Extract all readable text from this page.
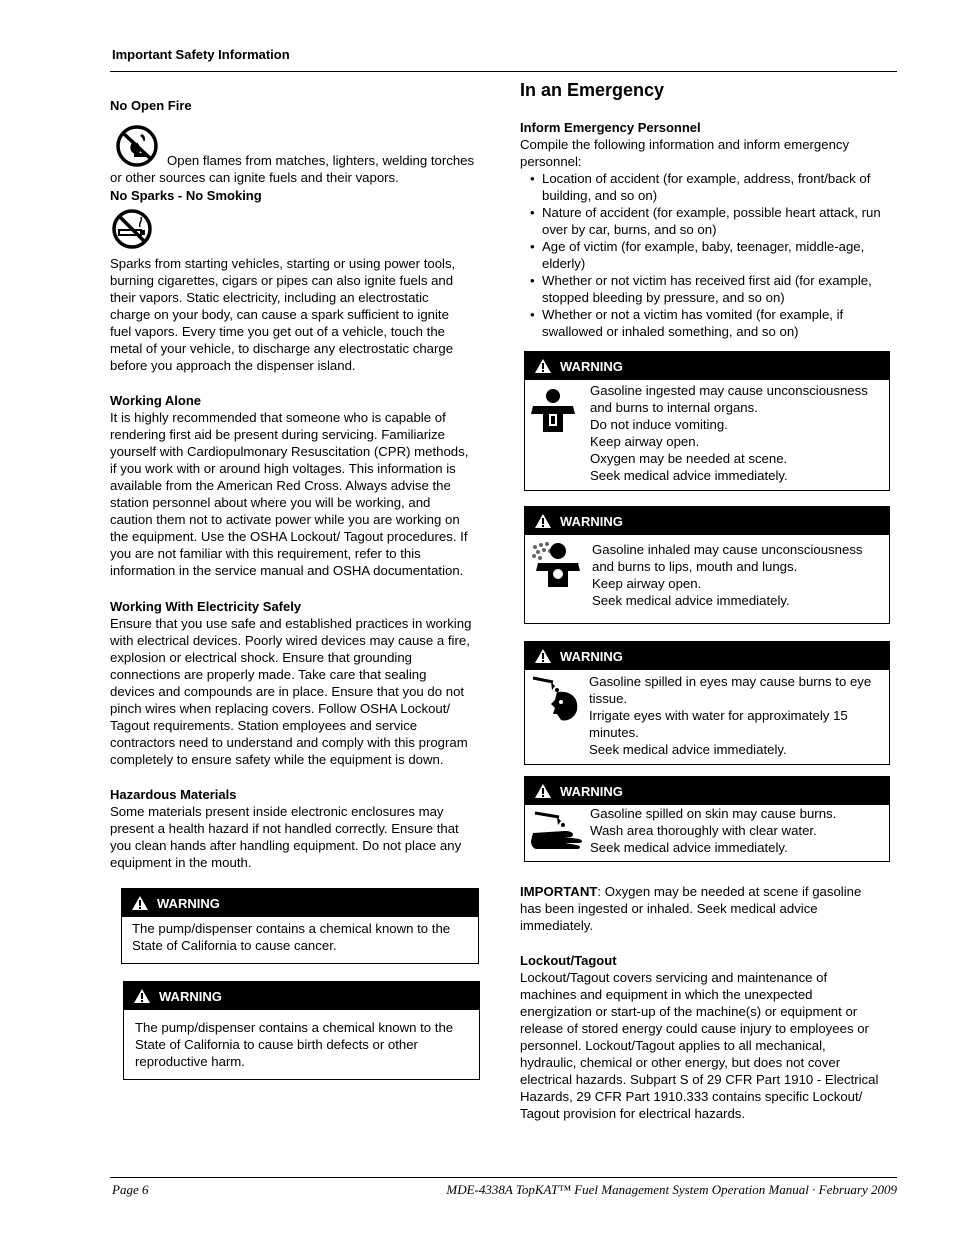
Important Safety Information
No Open Fire
Open flames from matches, lighters, welding torches
or other sources can ignite fuels and their vapors.
No Sparks - No Smoking
Sparks from starting vehicles, starting or using power tools,
burning cigarettes, cigars or pipes can also ignite fuels and
their vapors. Static electricity, including an electrostatic
charge on your body, can cause a spark sufficient to ignite
fuel vapors. Every time you get out of a vehicle, touch the
metal of your vehicle, to discharge any electrostatic charge
before you approach the dispenser island.
Working Alone
It is highly recommended that someone who is capable of
rendering first aid be present during servicing. Familiarize
yourself with Cardiopulmonary Resuscitation (CPR) methods,
if you work with or around high voltages. This information is
available from the American Red Cross. Always advise the
station personnel about where you will be working, and
caution them not to activate power while you are working on
the equipment. Use the OSHA Lockout/ Tagout procedures. If
you are not familiar with this requirement, refer to this
information in the service manual and OSHA documentation.
Working With Electricity Safely
Ensure that you use safe and established practices in working
with electrical devices. Poorly wired devices may cause a fire,
explosion or electrical shock. Ensure that grounding
connections are properly made. Take care that sealing
devices and compounds are in place. Ensure that you do not
pinch wires when replacing covers. Follow OSHA Lockout/
Tagout requirements. Station employees and service
contractors need to understand and comply with this program
completely to ensure safety while the equipment is down.
Hazardous Materials
Some materials present inside electronic enclosures may
present a health hazard if not handled correctly. Ensure that
you clean hands after handling equipment. Do not place any
equipment in the mouth.
WARNING
The pump/dispenser contains a chemical known to the
State of California to cause cancer.
WARNING
The pump/dispenser contains a chemical known to the
State of California to cause birth defects or other
reproductive harm.
In an Emergency
Inform Emergency Personnel
Compile the following information and inform emergency
personnel:
• Location of accident (for example, address, front/back of
building, and so on)
• Nature of accident (for example, possible heart attack, run
over by car, burns, and so on)
• Age of victim (for example, baby, teenager, middle-age,
elderly)
• Whether or not victim has received first aid (for example,
stopped bleeding by pressure, and so on)
• Whether or not a victim has vomited (for example, if
swallowed or inhaled something, and so on)
WARNING
Gasoline ingested may cause unconsciousness
and burns to internal organs.
Do not induce vomiting.
Keep airway open.
Oxygen may be needed at scene.
Seek medical advice immediately.
WARNING
Gasoline inhaled may cause unconsciousness
and burns to lips, mouth and lungs.
Keep airway open.
Seek medical advice immediately.
WARNING
Gasoline spilled in eyes may cause burns to eye
tissue.
Irrigate eyes with water for approximately 15
minutes.
Seek medical advice immediately.
WARNING
Gasoline spilled on skin may cause burns.
Wash area thoroughly with clear water.
Seek medical advice immediately.
IMPORTANT: Oxygen may be needed at scene if gasoline
has been ingested or inhaled. Seek medical advice
immediately.
Lockout/Tagout
Lockout/Tagout covers servicing and maintenance of
machines and equipment in which the unexpected
energization or start-up of the machine(s) or equipment or
release of stored energy could cause injury to employees or
personnel. Lockout/Tagout applies to all mechanical,
hydraulic, chemical or other energy, but does not cover
electrical hazards. Subpart S of 29 CFR Part 1910 - Electrical
Hazards, 29 CFR Part 1910.333 contains specific Lockout/
Tagout provision for electrical hazards.
Page 6	MDE-4338A TopKAT™ Fuel Management System Operation Manual · February 2009
